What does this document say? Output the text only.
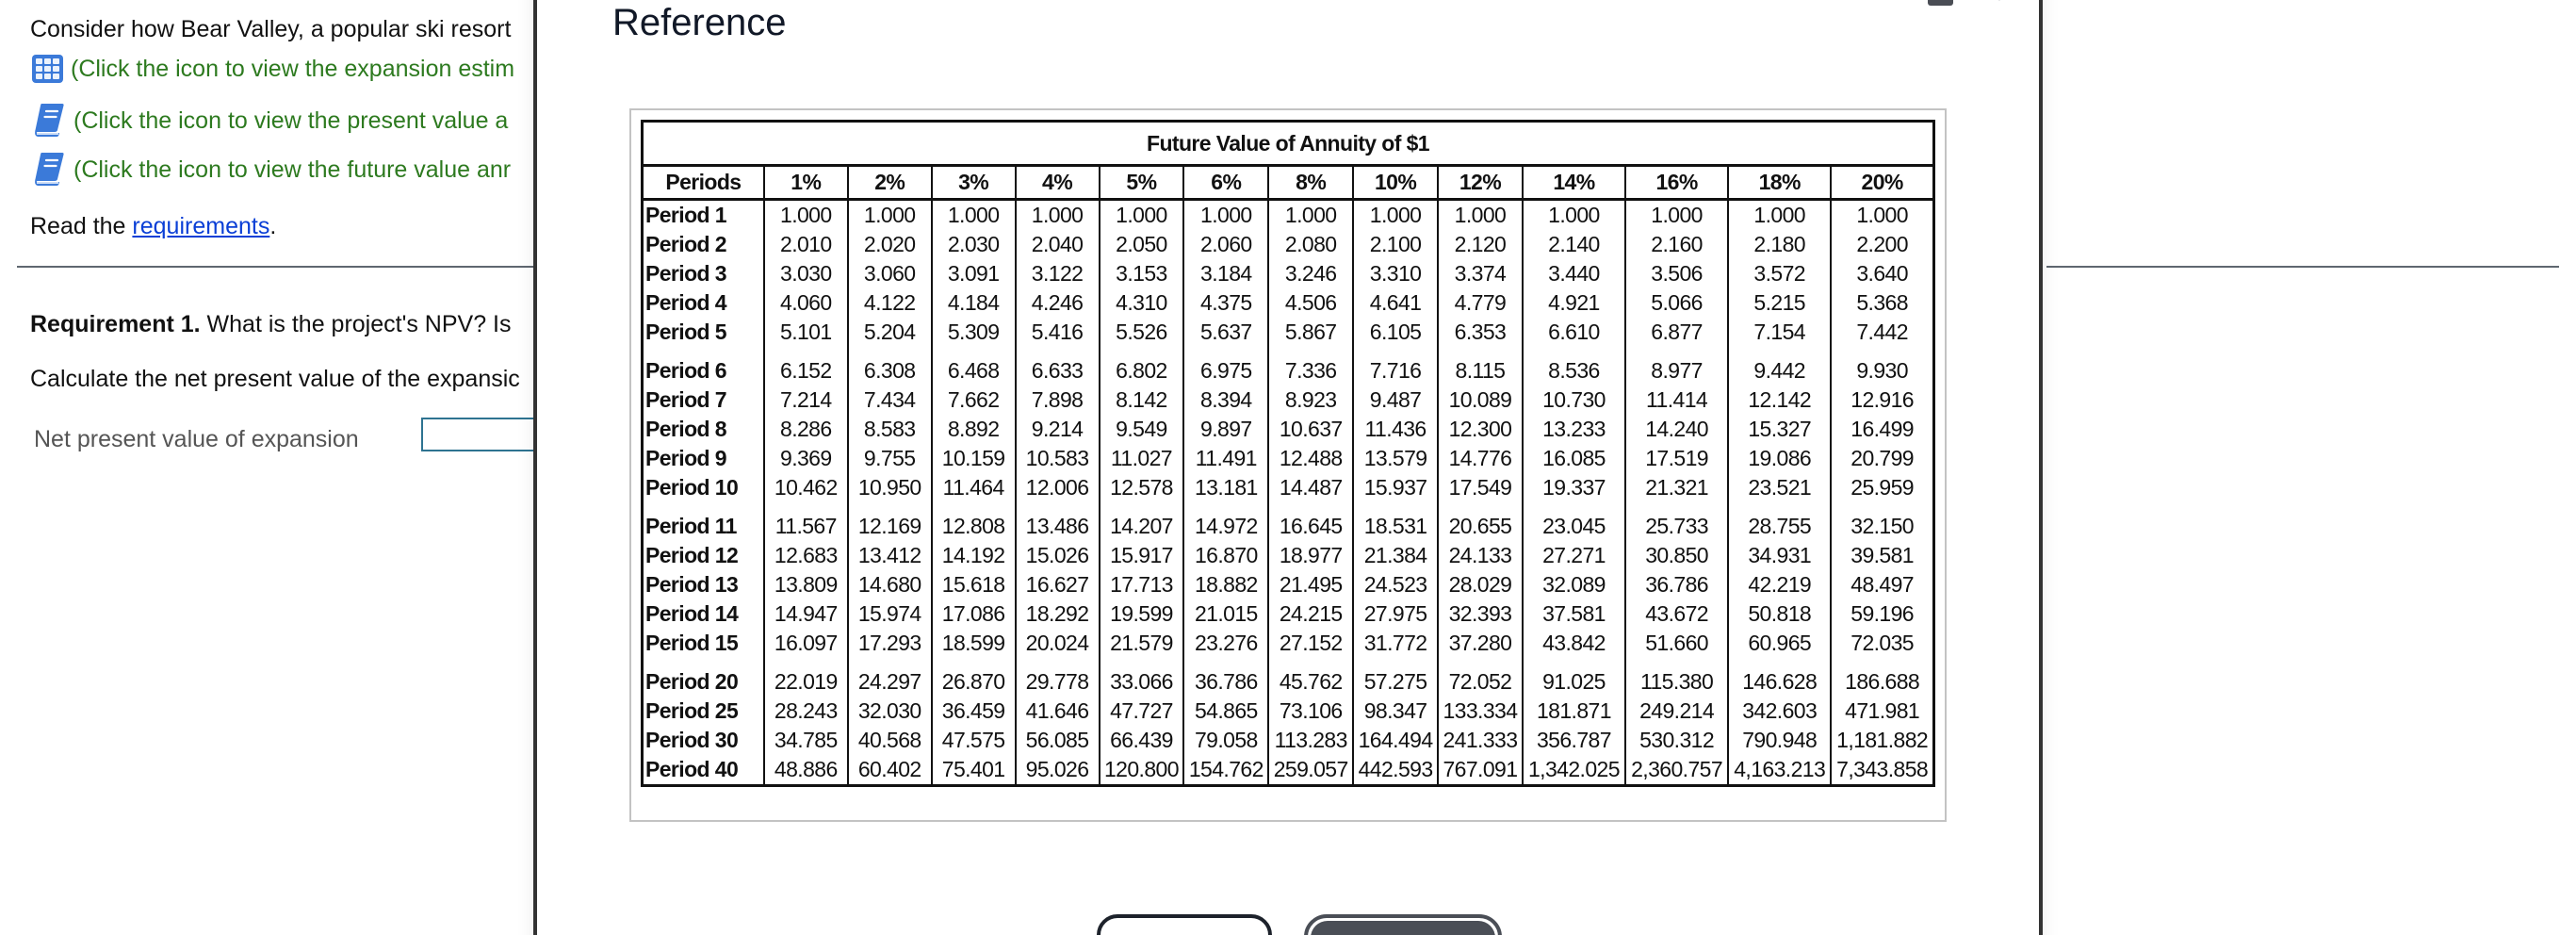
Consider how Bear Valley, a popular ski resort
(Click the icon to view the expansion estim
(Click the icon to view the present value a
(Click the icon to view the future value anr
Read the requirements.
Requirement 1. What is the project's NPV? Is
Calculate the net present value of the expansic
Net present value of expansion
Reference
Future Value of Annuity of $1													
Periods	1%	2%	3%	4%	5%	6%	8%	10%	12%	14%	16%	18%	20%
Period 1	1.000	1.000	1.000	1.000	1.000	1.000	1.000	1.000	1.000	1.000	1.000	1.000	1.000
Period 2	2.010	2.020	2.030	2.040	2.050	2.060	2.080	2.100	2.120	2.140	2.160	2.180	2.200
Period 3	3.030	3.060	3.091	3.122	3.153	3.184	3.246	3.310	3.374	3.440	3.506	3.572	3.640
Period 4	4.060	4.122	4.184	4.246	4.310	4.375	4.506	4.641	4.779	4.921	5.066	5.215	5.368
Period 5	5.101	5.204	5.309	5.416	5.526	5.637	5.867	6.105	6.353	6.610	6.877	7.154	7.442

Period 6	6.152	6.308	6.468	6.633	6.802	6.975	7.336	7.716	8.115	8.536	8.977	9.442	9.930
Period 7	7.214	7.434	7.662	7.898	8.142	8.394	8.923	9.487	10.089	10.730	11.414	12.142	12.916
Period 8	8.286	8.583	8.892	9.214	9.549	9.897	10.637	11.436	12.300	13.233	14.240	15.327	16.499
Period 9	9.369	9.755	10.159	10.583	11.027	11.491	12.488	13.579	14.776	16.085	17.519	19.086	20.799
Period 10	10.462	10.950	11.464	12.006	12.578	13.181	14.487	15.937	17.549	19.337	21.321	23.521	25.959

Period 11	11.567	12.169	12.808	13.486	14.207	14.972	16.645	18.531	20.655	23.045	25.733	28.755	32.150
Period 12	12.683	13.412	14.192	15.026	15.917	16.870	18.977	21.384	24.133	27.271	30.850	34.931	39.581
Period 13	13.809	14.680	15.618	16.627	17.713	18.882	21.495	24.523	28.029	32.089	36.786	42.219	48.497
Period 14	14.947	15.974	17.086	18.292	19.599	21.015	24.215	27.975	32.393	37.581	43.672	50.818	59.196
Period 15	16.097	17.293	18.599	20.024	21.579	23.276	27.152	31.772	37.280	43.842	51.660	60.965	72.035

Period 20	22.019	24.297	26.870	29.778	33.066	36.786	45.762	57.275	72.052	91.025	115.380	146.628	186.688
Period 25	28.243	32.030	36.459	41.646	47.727	54.865	73.106	98.347	133.334	181.871	249.214	342.603	471.981
Period 30	34.785	40.568	47.575	56.085	66.439	79.058	113.283	164.494	241.333	356.787	530.312	790.948	1,181.882
Period 40	48.886	60.402	75.401	95.026	120.800	154.762	259.057	442.593	767.091	1,342.025	2,360.757	4,163.213	7,343.858
